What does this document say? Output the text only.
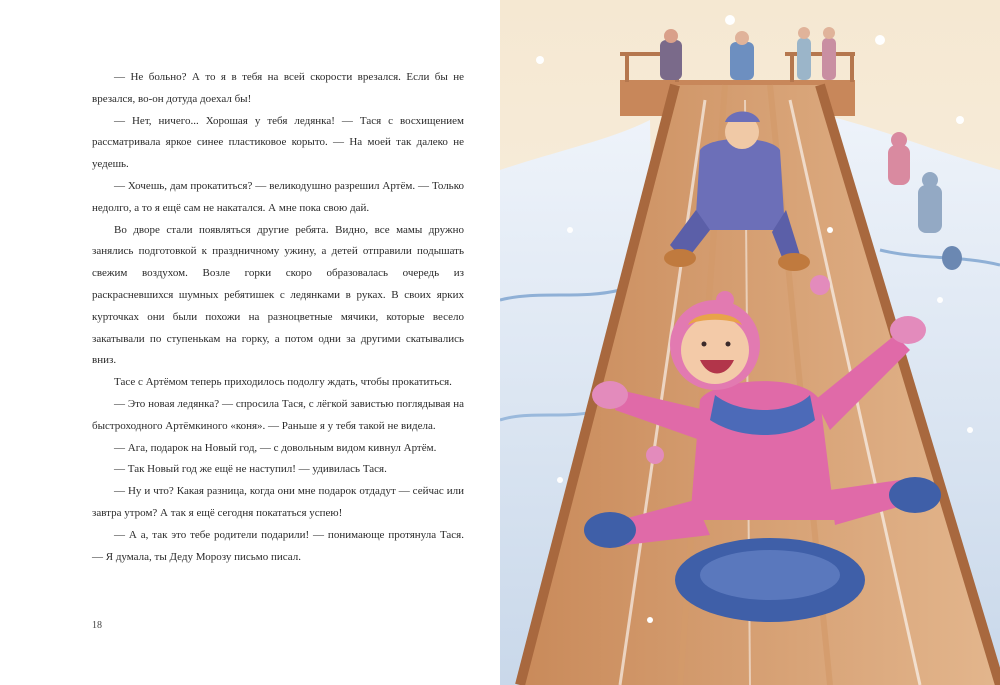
— Не больно? А то я в тебя на всей скорости врезался. Если бы не врезался, во-он дотуда доехал бы!

— Нет, ничего... Хорошая у тебя ледянка! — Тася с восхищением рассматривала яркое синее пластиковое корыто. — На моей так далеко не уедешь.

— Хочешь, дам прокатиться? — великодушно разрешил Артём. — Только недолго, а то я ещё сам не накатался. А мне пока свою дай.

Во дворе стали появляться другие ребята. Видно, все мамы дружно занялись подготовкой к праздничному ужину, а детей отправили подышать свежим воздухом. Возле горки скоро образовалась очередь из раскрасневшихся шумных ребятишек с ледянками в руках. В своих ярких курточках они были похожи на разноцветные мячики, которые весело закатывали по ступенькам на горку, а потом одни за другими скатывались вниз.

Тасе с Артёмом теперь приходилось подолгу ждать, чтобы прокатиться.

— Это новая ледянка? — спросила Тася, с лёгкой завистью поглядывая на быстроходного Артёмкиного «коня». — Раньше я у тебя такой не видела.

— Ага, подарок на Новый год, — с довольным видом кивнул Артём.

— Так Новый год же ещё не наступил! — удивилась Тася.

— Ну и что? Какая разница, когда они мне подарок отдадут — сейчас или завтра утром? А так я ещё сегодня покататься успею!

— А а, так это тебе родители подарили! — понимающе протянула Тася. — Я думала, ты Деду Морозу письмо писал.

18
